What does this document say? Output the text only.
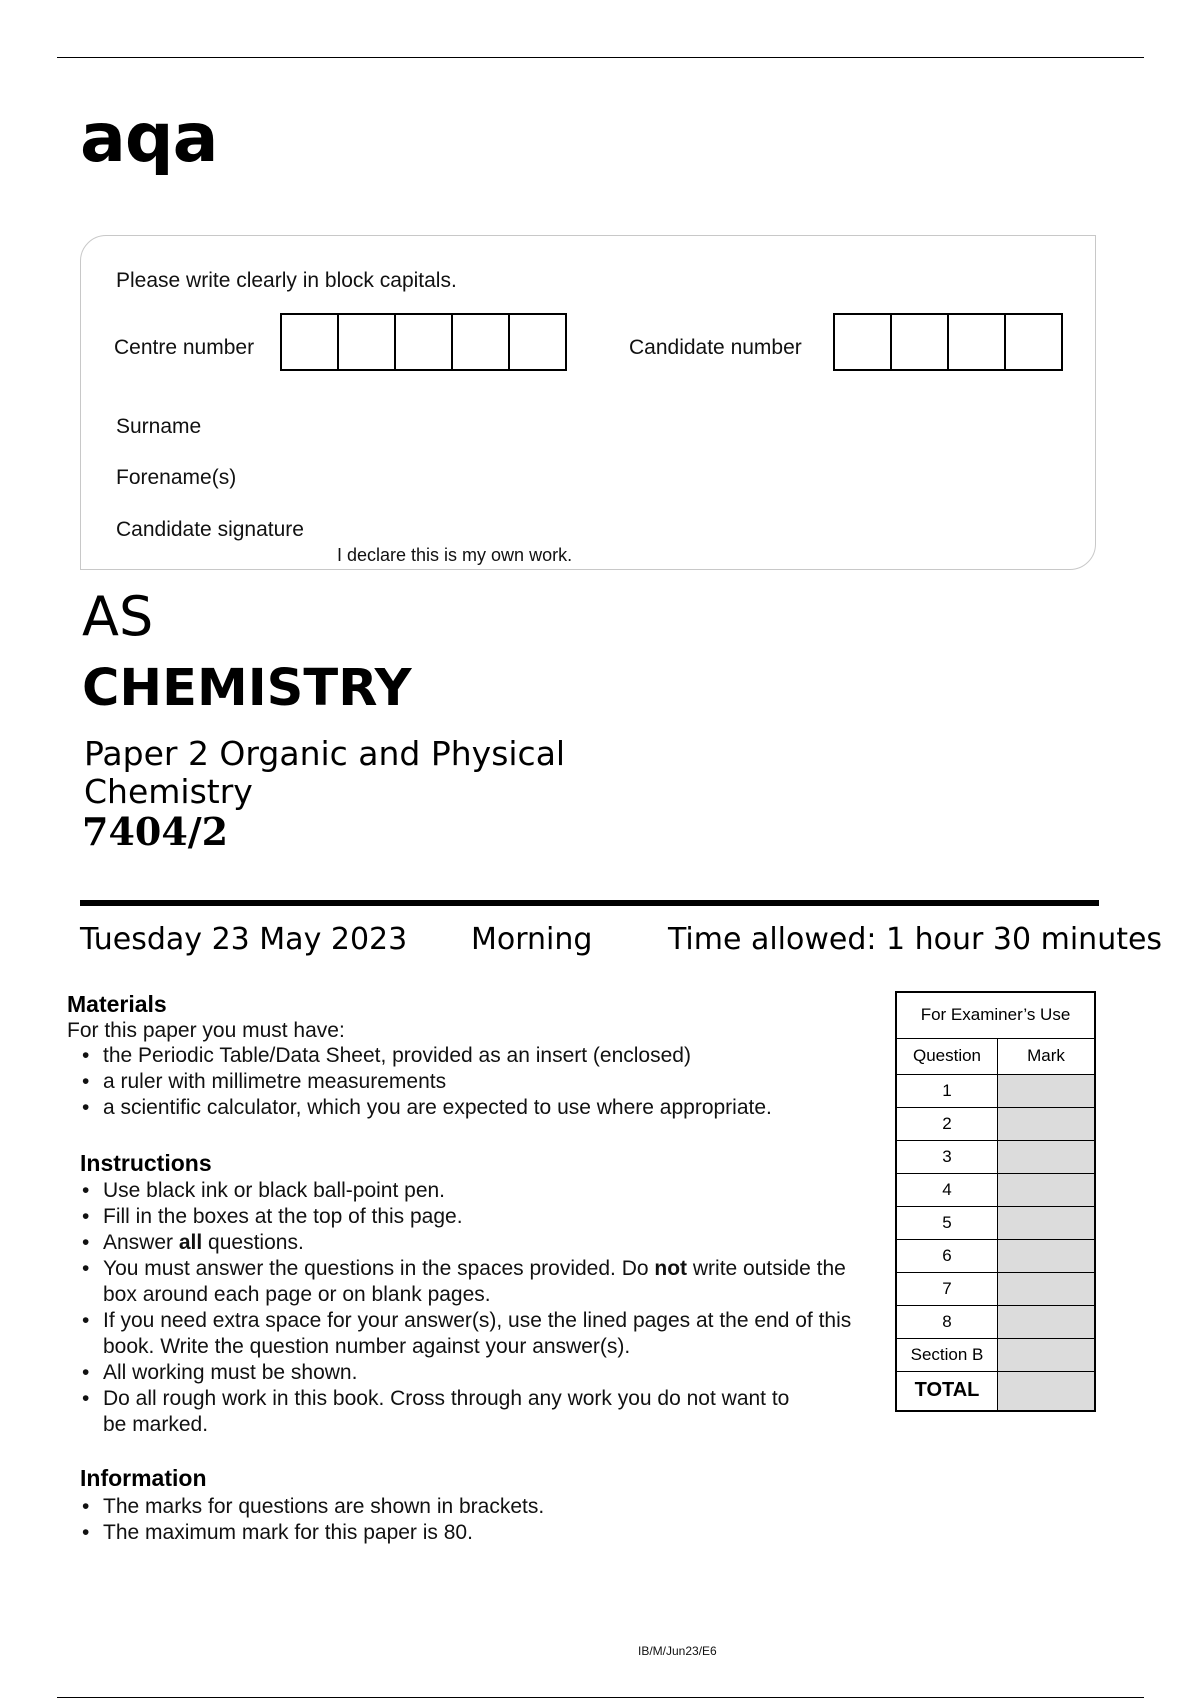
aqa
Please write clearly in block capitals.
Centre number	Candidate number
Surname
Forename(s)
Candidate signature
I declare this is my own work.
AS
CHEMISTRY
Paper 2 Organic and Physical Chemistry
7404/2
Tuesday 23 May 2023 Morning	Time allowed: 1 hour 30 minutes
Materials
For this paper you must have:
• the Periodic Table/Data Sheet, provided as an insert (enclosed)
• a ruler with millimetre measurements
• a scientific calculator, which you are expected to use where appropriate.
Instructions
• Use black ink or black ball-point pen.
• Fill in the boxes at the top of this page.
• Answer all questions.
• You must answer the questions in the spaces provided. Do not write outside the box around each page or on blank pages.
• If you need extra space for your answer(s), use the lined pages at the end of this book. Write the question number against your answer(s).
• All working must be shown.
• Do all rough work in this book. Cross through any work you do not want to be marked.
Information
• The marks for questions are shown in brackets.
• The maximum mark for this paper is 80.
For Examiner’s Use	
Question	Mark
1	
2	
3	
4	
5	
6	
7	
8	
Section B	
TOTAL	
IB/M/Jun23/E6
